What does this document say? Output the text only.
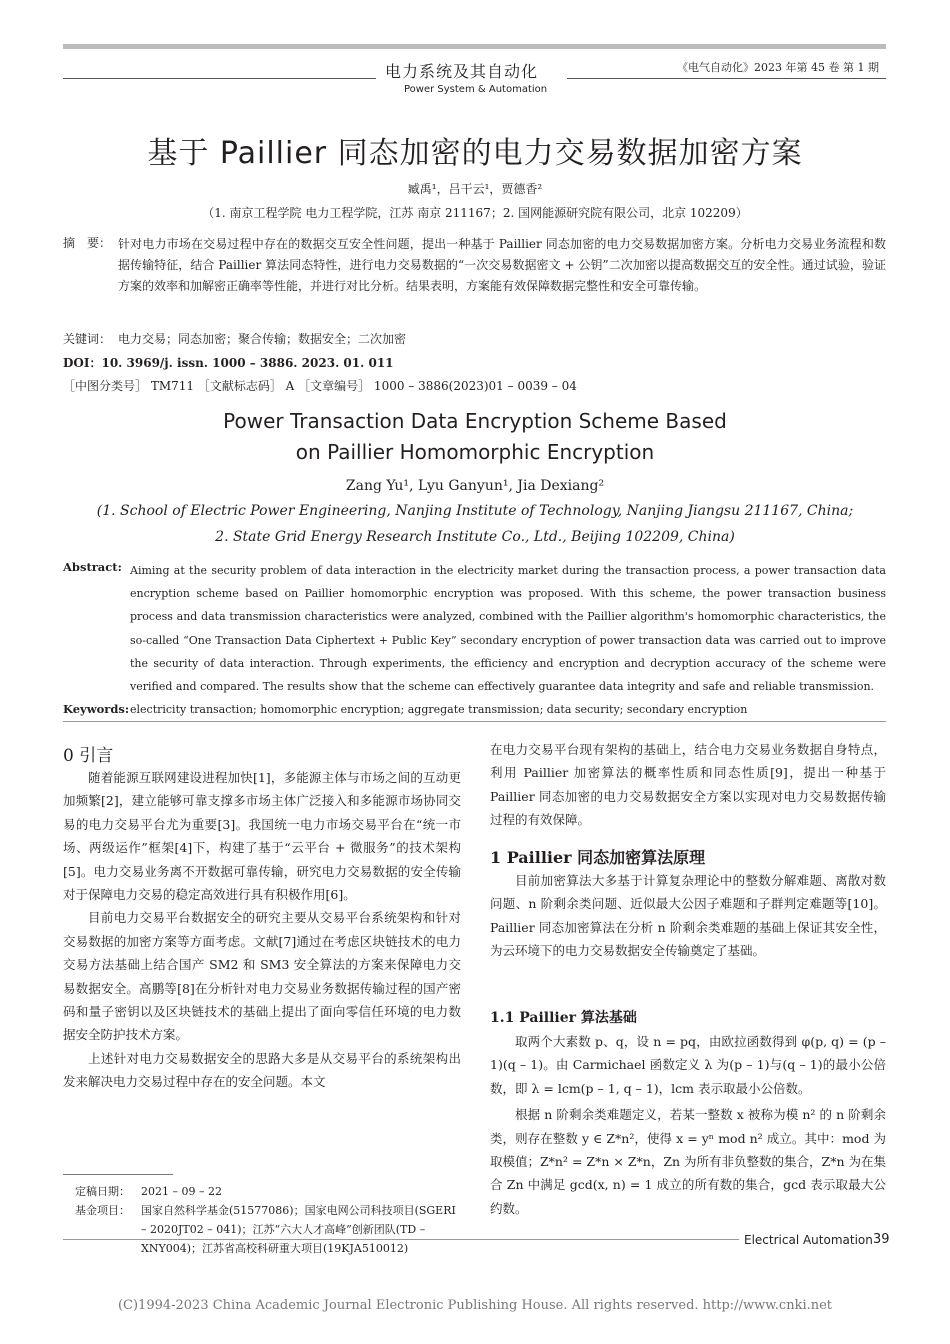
电力系统及其自动化
Power System & Automation
《电气自动化》2023 年第 45 卷 第 1 期
基于 Paillier 同态加密的电力交易数据加密方案
臧禹¹，吕干云¹，贾德香²
（1. 南京工程学院 电力工程学院，江苏 南京 211167；2. 国网能源研究院有限公司，北京 102209）
摘　要： 针对电力市场在交易过程中存在的数据交互安全性问题，提出一种基于 Paillier 同态加密的电力交易数据加密方案。分析电力交易业务流程和数据传输特征，结合 Paillier 算法同态特性，进行电力交易数据的“一次交易数据密文 + 公钥”二次加密以提高数据交互的安全性。通过试验，验证方案的效率和加解密正确率等性能，并进行对比分析。结果表明，方案能有效保障数据完整性和安全可靠传输。
关键词： 电力交易；同态加密；聚合传输；数据安全；二次加密
DOI：10. 3969/j. issn. 1000 – 3886. 2023. 01. 011
［中图分类号］ TM711 ［文献标志码］ A ［文章编号］ 1000 – 3886(2023)01 – 0039 – 04
Power Transaction Data Encryption Scheme Based
on Paillier Homomorphic Encryption
Zang Yu¹, Lyu Ganyun¹, Jia Dexiang²
(1. School of Electric Power Engineering, Nanjing Institute of Technology, Nanjing Jiangsu 211167, China;
2. State Grid Energy Research Institute Co., Ltd., Beijing 102209, China)
Abstract: Aiming at the security problem of data interaction in the electricity market during the transaction process, a power transaction data encryption scheme based on Paillier homomorphic encryption was proposed. With this scheme, the power transaction business process and data transmission characteristics were analyzed, combined with the Paillier algorithm's homomorphic characteristics, the so-called “One Transaction Data Ciphertext + Public Key” secondary encryption of power transaction data was carried out to improve the security of data interaction. Through experiments, the efficiency and encryption and decryption accuracy of the scheme were verified and compared. The results show that the scheme can effectively guarantee data integrity and safe and reliable transmission.
Keywords: electricity transaction; homomorphic encryption; aggregate transmission; data security; secondary encryption
0 引言

随着能源互联网建设进程加快[1]，多能源主体与市场之间的互动更加频繁[2]，建立能够可靠支撑多市场主体广泛接入和多能源市场协同交易的电力交易平台尤为重要[3]。我国统一电力市场交易平台在“统一市场、两级运作”框架[4]下，构建了基于“云平台 + 微服务”的技术架构[5]。电力交易业务离不开数据可靠传输，研究电力交易数据的安全传输对于保障电力交易的稳定高效进行具有积极作用[6]。

目前电力交易平台数据安全的研究主要从交易平台系统架构和针对交易数据的加密方案等方面考虑。文献[7]通过在考虑区块链技术的电力交易方法基础上结合国产 SM2 和 SM3 安全算法的方案来保障电力交易数据安全。高鹏等[8]在分析针对电力交易业务数据传输过程的国产密码和量子密钥以及区块链技术的基础上提出了面向零信任环境的电力数据安全防护技术方案。

上述针对电力交易数据安全的思路大多是从交易平台的系统架构出发来解决电力交易过程中存在的安全问题。本文

定稿日期： 2021 – 09 – 22
基金项目： 国家自然科学基金(51577086)；国家电网公司科技项目(SGERI – 2020JT02 – 041)；江苏“六大人才高峰”创新团队(TD – XNY004)；江苏省高校科研重大项目(19KJA510012)

在电力交易平台现有架构的基础上，结合电力交易业务数据自身特点，利用 Paillier 加密算法的概率性质和同态性质[9]，提出一种基于 Paillier 同态加密的电力交易数据安全方案以实现对电力交易数据传输过程的有效保障。

1 Paillier 同态加密算法原理

目前加密算法大多基于计算复杂理论中的整数分解难题、离散对数问题、n 阶剩余类问题、近似最大公因子难题和子群判定难题等[10]。Paillier 同态加密算法在分析 n 阶剩余类难题的基础上保证其安全性，为云环境下的电力交易数据安全传输奠定了基础。

1.1 Paillier 算法基础

取两个大素数 p、q，设 n = pq，由欧拉函数得到 φ(p, q) = (p – 1)(q – 1)。由 Carmichael 函数定义 λ 为(p – 1)与(q – 1)的最小公倍数，即 λ = lcm(p – 1, q – 1)，lcm 表示取最小公倍数。

根据 n 阶剩余类难题定义，若某一整数 x 被称为模 n² 的 n 阶剩余类，则存在整数 y ∈ Z*n²，使得 x = yⁿ mod n² 成立。其中：mod 为取模值；Z*n² = Z*n × Z*n，Zn 为所有非负整数的集合，Z*n 为在集合 Zn 中满足 gcd(x, n) = 1 成立的所有数的集合，gcd 表示取最大公约数。

Electrical Automation 39
(C)1994-2023 China Academic Journal Electronic Publishing House. All rights reserved. http://www.cnki.net
